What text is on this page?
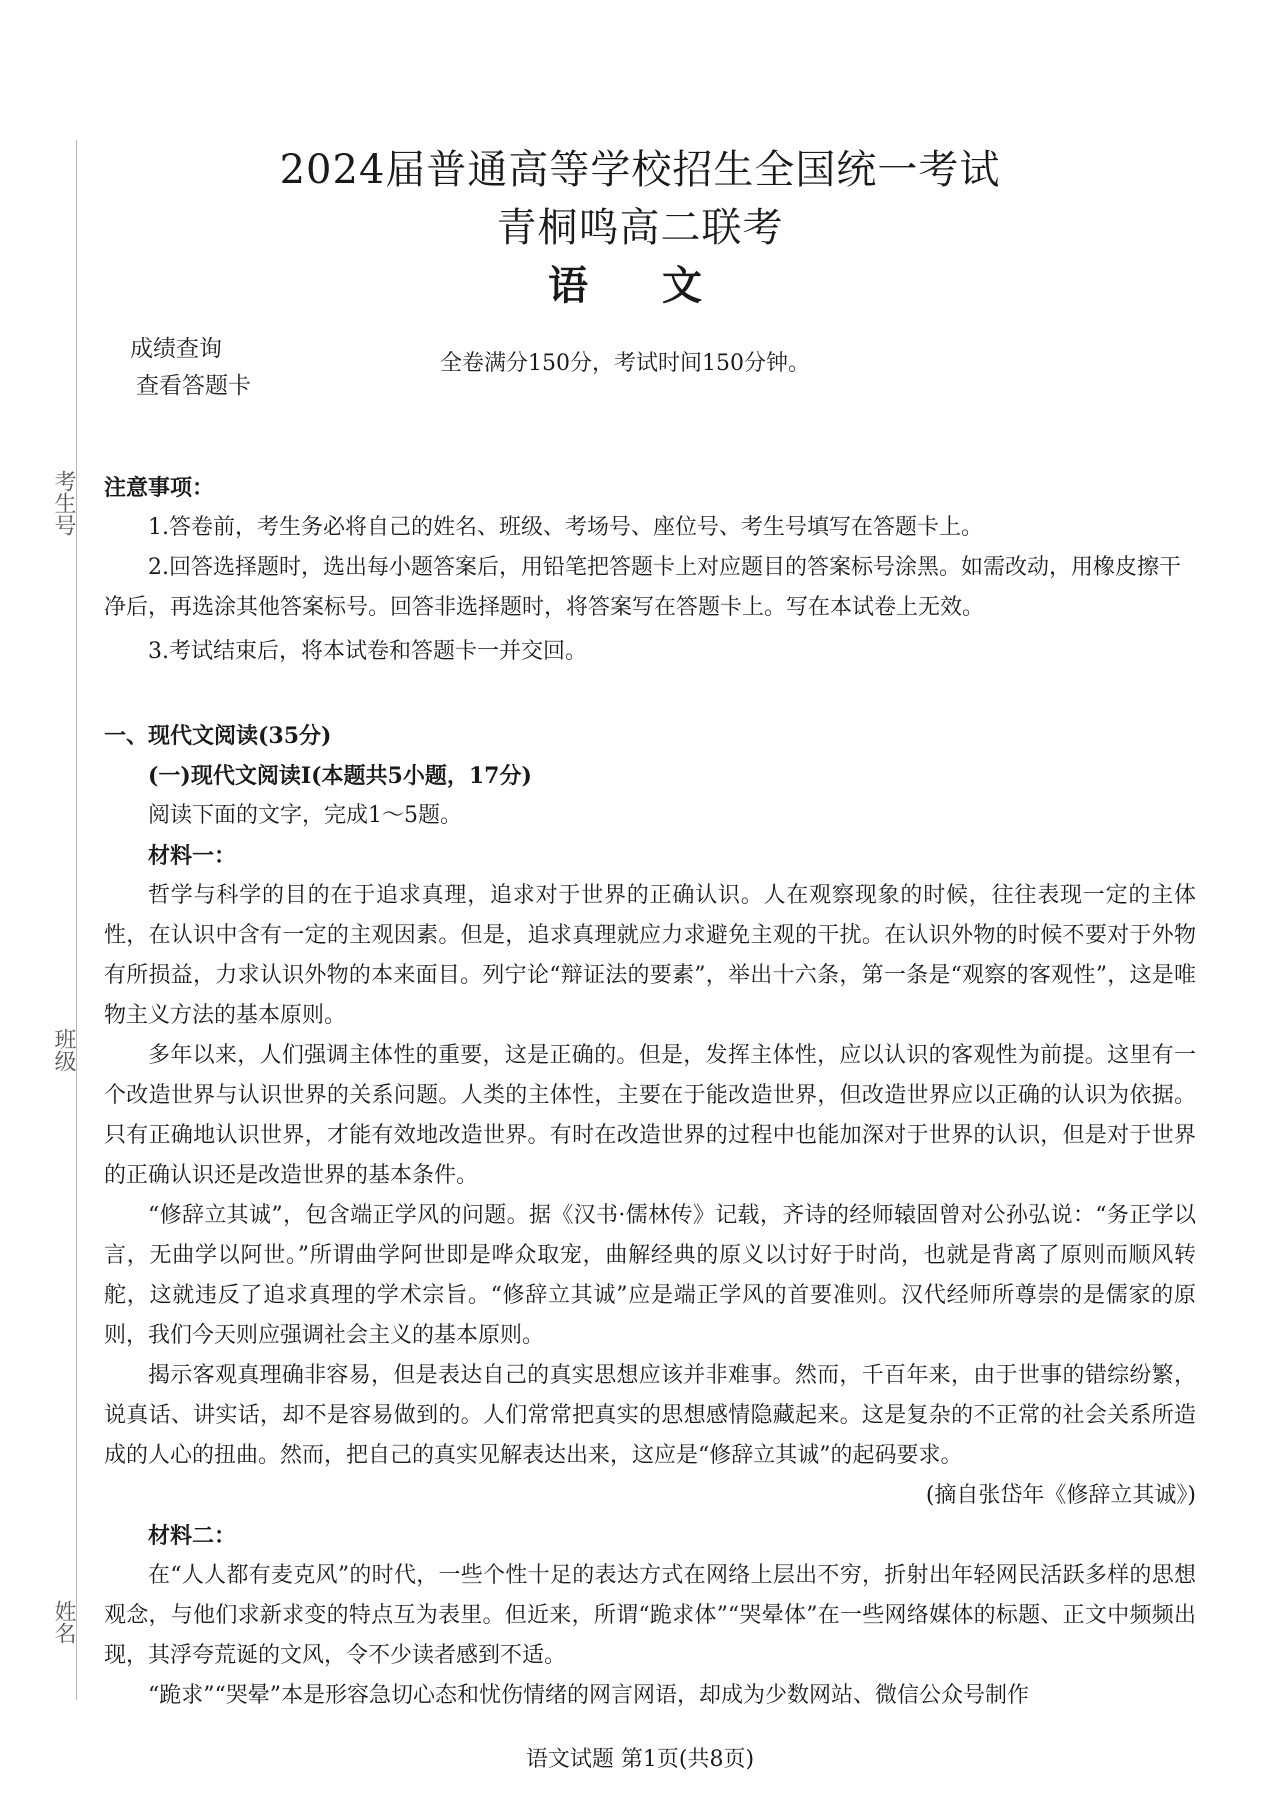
考生号
班级
姓名
2024届普通高等学校招生全国统一考试
青桐鸣高二联考
语 文
成绩查询
查看答题卡
全卷满分150分，考试时间150分钟。

注意事项：

1.答卷前，考生务必将自己的姓名、班级、考场号、座位号、考生号填写在答题卡上。

2.回答选择题时，选出每小题答案后，用铅笔把答题卡上对应题目的答案标号涂黑。如需改动，用橡皮擦干净后，再选涂其他答案标号。回答非选择题时，将答案写在答题卡上。写在本试卷上无效。

3.考试结束后，将本试卷和答题卡一并交回。

一、现代文阅读(35分)

(一)现代文阅读Ⅰ(本题共5小题，17分)

阅读下面的文字，完成1～5题。

材料一：

哲学与科学的目的在于追求真理，追求对于世界的正确认识。人在观察现象的时候，往往表现一定的主体性，在认识中含有一定的主观因素。但是，追求真理就应力求避免主观的干扰。在认识外物的时候不要对于外物有所损益，力求认识外物的本来面目。列宁论“辩证法的要素”，举出十六条，第一条是“观察的客观性”，这是唯物主义方法的基本原则。

多年以来，人们强调主体性的重要，这是正确的。但是，发挥主体性，应以认识的客观性为前提。这里有一个改造世界与认识世界的关系问题。人类的主体性，主要在于能改造世界，但改造世界应以正确的认识为依据。只有正确地认识世界，才能有效地改造世界。有时在改造世界的过程中也能加深对于世界的认识，但是对于世界的正确认识还是改造世界的基本条件。

“修辞立其诚”，包含端正学风的问题。据《汉书·儒林传》记载，齐诗的经师辕固曾对公孙弘说：“务正学以言，无曲学以阿世。”所谓曲学阿世即是哗众取宠，曲解经典的原义以讨好于时尚，也就是背离了原则而顺风转舵，这就违反了追求真理的学术宗旨。“修辞立其诚”应是端正学风的首要准则。汉代经师所尊崇的是儒家的原则，我们今天则应强调社会主义的基本原则。

揭示客观真理确非容易，但是表达自己的真实思想应该并非难事。然而，千百年来，由于世事的错综纷繁，说真话、讲实话，却不是容易做到的。人们常常把真实的思想感情隐藏起来。这是复杂的不正常的社会关系所造成的人心的扭曲。然而，把自己的真实见解表达出来，这应是“修辞立其诚”的起码要求。

(摘自张岱年《修辞立其诚》)

材料二：

在“人人都有麦克风”的时代，一些个性十足的表达方式在网络上层出不穷，折射出年轻网民活跃多样的思想观念，与他们求新求变的特点互为表里。但近来，所谓“跪求体”“哭晕体”在一些网络媒体的标题、正文中频频出现，其浮夸荒诞的文风，令不少读者感到不适。

“跪求”“哭晕”本是形容急切心态和忧伤情绪的网言网语，却成为少数网站、微信公众号制作

语文试题 第1页(共8页)
